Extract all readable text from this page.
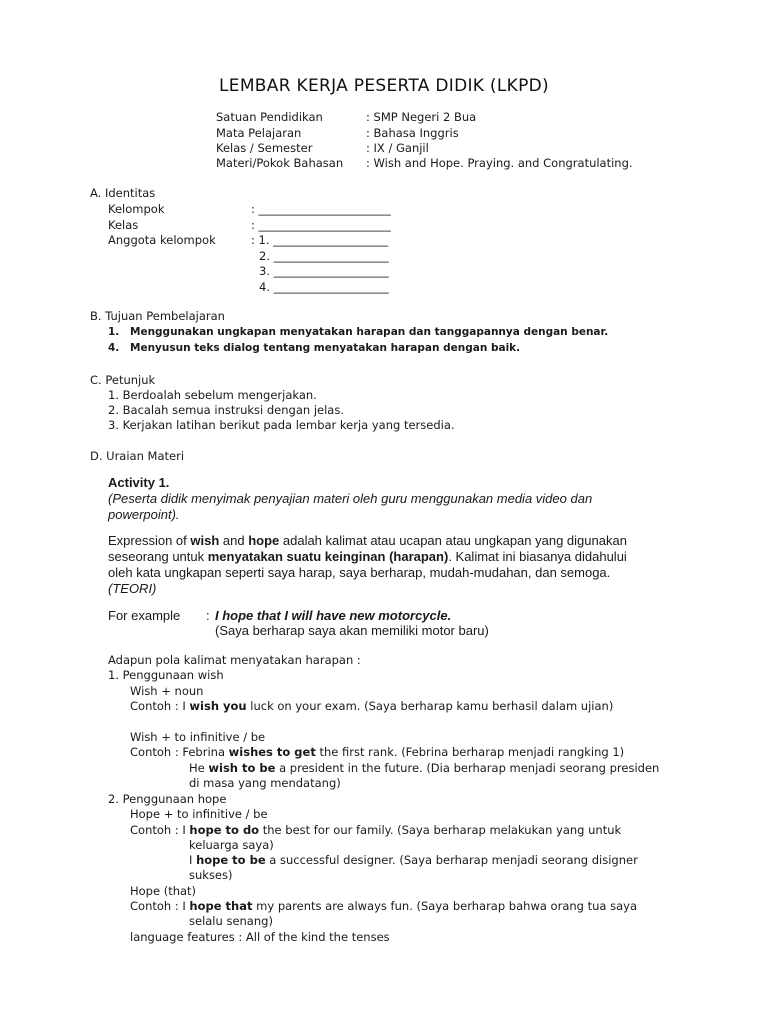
LEMBAR KERJA PESERTA DIDIK (LKPD)
Satuan Pendidikan	: SMP Negeri 2 Bua
Mata Pelajaran	: Bahasa Inggris
Kelas / Semester	: IX / Ganjil
Materi/Pokok Bahasan : Wish and Hope. Praying. and Congratulating.
A. Identitas
Kelompok	: _______________________
Kelas	: _______________________
Anggota kelompok	: 1. ____________________
2. ____________________
3. ____________________
4. ____________________
B. Tujuan Pembelajaran
1. Menggunakan ungkapan menyatakan harapan dan tanggapannya dengan benar.
4. Menyusun teks dialog tentang menyatakan harapan dengan baik.
C. Petunjuk
1. Berdoalah sebelum mengerjakan.
2. Bacalah semua instruksi dengan jelas.
3. Kerjakan latihan berikut pada lembar kerja yang tersedia.
D. Uraian Materi
Activity 1.
(Peserta didik menyimak penyajian materi oleh guru menggunakan media video dan
powerpoint).
Expression of wish and hope adalah kalimat atau ucapan atau ungkapan yang digunakan
seseorang untuk menyatakan suatu keinginan (harapan). Kalimat ini biasanya didahului
oleh kata ungkapan seperti saya harap, saya berharap, mudah-mudahan, dan semoga.
(TEORI)
For example : I hope that I will have new motorcycle.
(Saya berharap saya akan memiliki motor baru)
Adapun pola kalimat menyatakan harapan :
1. Penggunaan wish
Wish + noun
Contoh : I wish you luck on your exam. (Saya berharap kamu berhasil dalam ujian)
Wish + to infinitive / be
Contoh : Febrina wishes to get the first rank. (Febrina berharap menjadi rangking 1)
He wish to be a president in the future. (Dia berharap menjadi seorang presiden
di masa yang mendatang)
2. Penggunaan hope
Hope + to infinitive / be
Contoh : I hope to do the best for our family. (Saya berharap melakukan yang untuk
keluarga saya)
I hope to be a successful designer. (Saya berharap menjadi seorang disigner
sukses)
Hope (that)
Contoh : I hope that my parents are always fun. (Saya berharap bahwa orang tua saya
selalu senang)
language features : All of the kind the tenses
